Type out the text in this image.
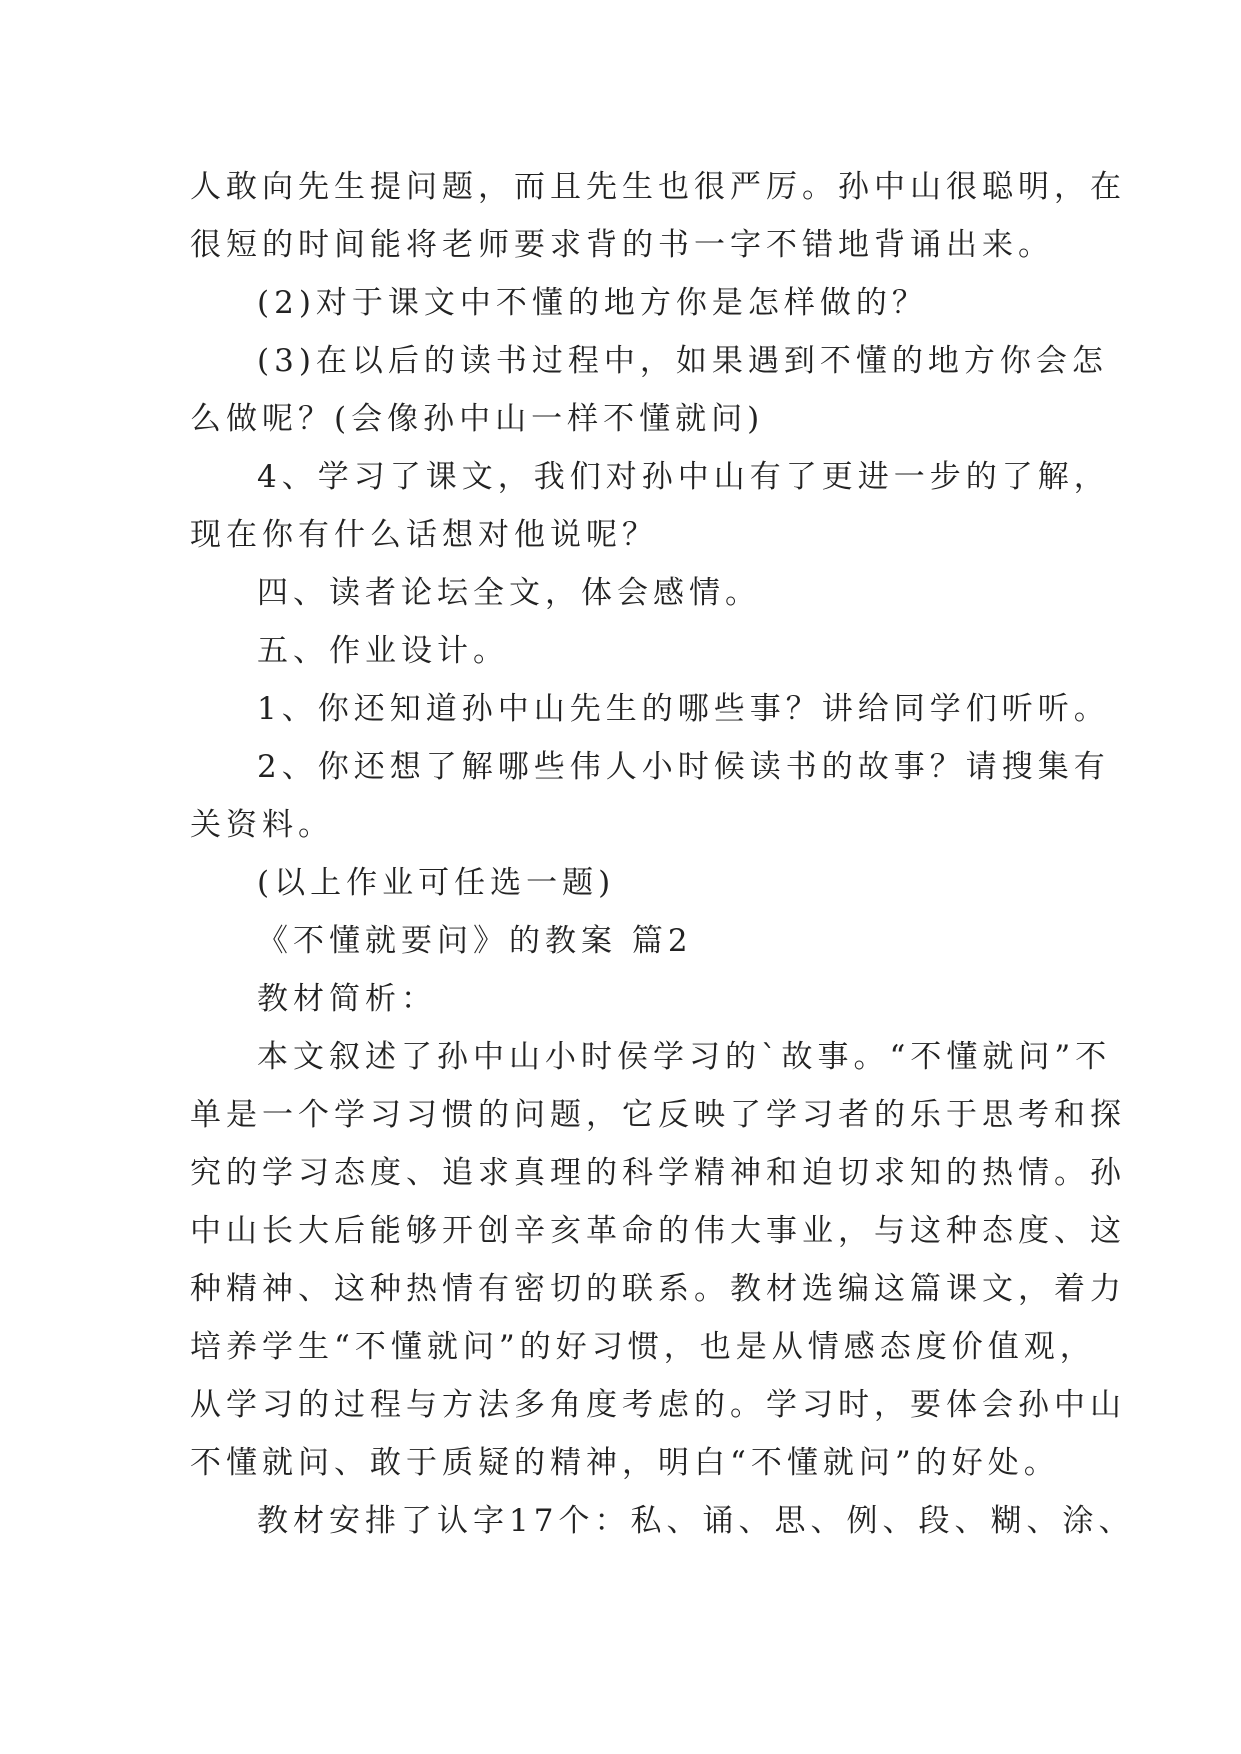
人敢向先生提问题，而且先生也很严厉。孙中山很聪明，在
很短的时间能将老师要求背的书一字不错地背诵出来。
(2)对于课文中不懂的地方你是怎样做的？
(3)在以后的读书过程中，如果遇到不懂的地方你会怎
么做呢？(会像孙中山一样不懂就问)
4、学习了课文，我们对孙中山有了更进一步的了解，
现在你有什么话想对他说呢？
四、读者论坛全文，体会感情。
五、作业设计。
1、你还知道孙中山先生的哪些事？讲给同学们听听。
2、你还想了解哪些伟人小时候读书的故事？请搜集有
关资料。
(以上作业可任选一题)
《不懂就要问》的教案 篇2
教材简析：
本文叙述了孙中山小时侯学习的`故事。“不懂就问”不
单是一个学习习惯的问题，它反映了学习者的乐于思考和探
究的学习态度、追求真理的科学精神和迫切求知的热情。孙
中山长大后能够开创辛亥革命的伟大事业，与这种态度、这
种精神、这种热情有密切的联系。教材选编这篇课文，着力
培养学生“不懂就问”的好习惯，也是从情感态度价值观，
从学习的过程与方法多角度考虑的。学习时，要体会孙中山
不懂就问、敢于质疑的精神，明白“不懂就问”的好处。
教材安排了认字17个：私、诵、思、例、段、糊、涂、
